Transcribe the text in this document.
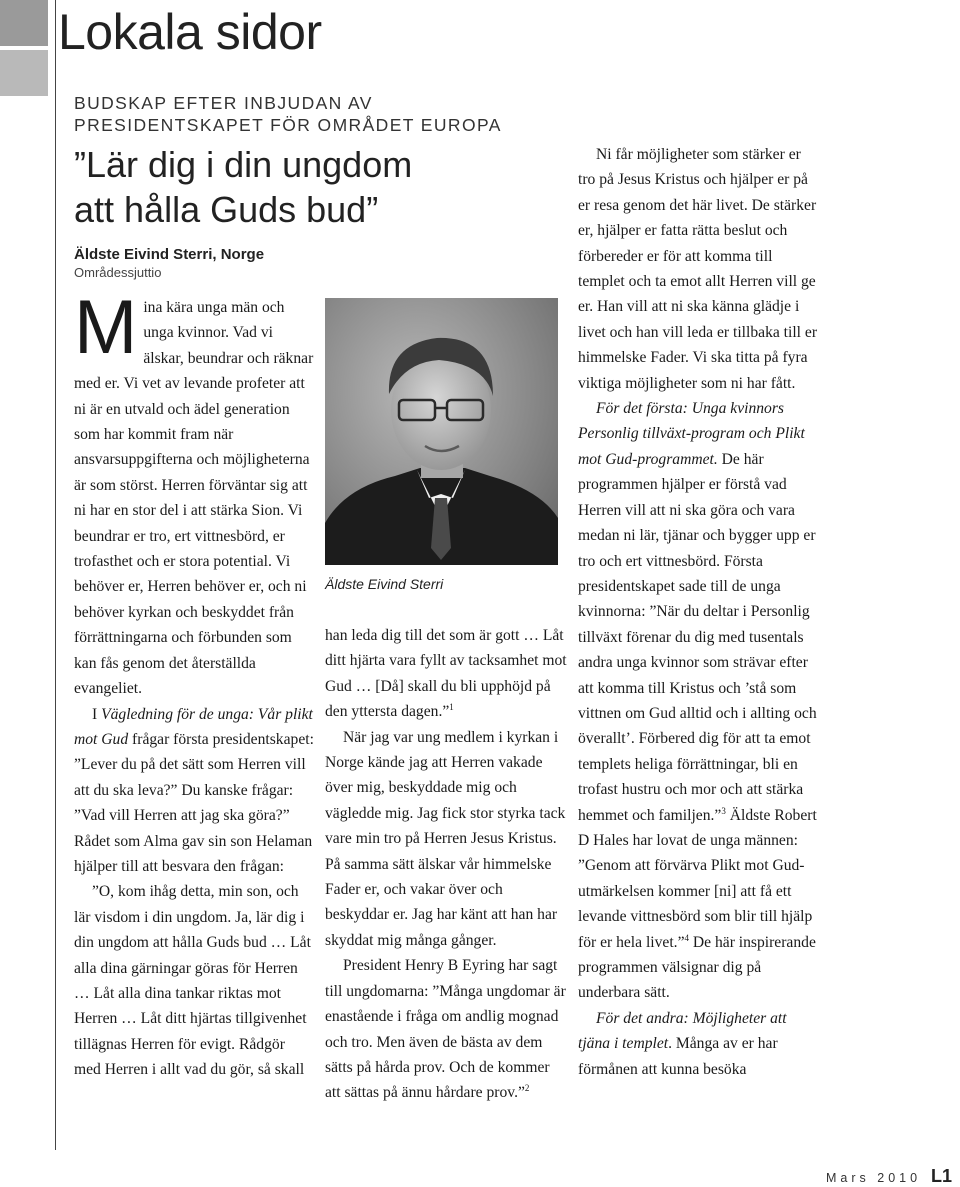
Lokala sidor
BUDSKAP EFTER INBJUDAN AV PRESIDENTSKAPET FÖR OMRÅDET EUROPA
”Lär dig i din ungdom
att hålla Guds bud”
Äldste Eivind Sterri, Norge
Områdessjuttio

Mina kära unga män och unga kvinnor. Vad vi älskar, beundrar och räknar med er. Vi vet av levande profeter att ni är en utvald och ädel generation som har kommit fram när ansvarsuppgifterna och möjligheterna är som störst. Herren förväntar sig att ni har en stor del i att stärka Sion. Vi beundrar er tro, ert vittnesbörd, er trofasthet och er stora potential. Vi behöver er, Herren behöver er, och ni behöver kyrkan och beskyddet från förrättningarna och förbunden som kan fås genom det återställda evangeliet.

I Vägledning för de unga: Vår plikt mot Gud frågar första presidentskapet: ”Lever du på det sätt som Herren vill att du ska leva?” Du kanske frågar: ”Vad vill Herren att jag ska göra?” Rådet som Alma gav sin son Helaman hjälper till att besvara den frågan:

”O, kom ihåg detta, min son, och lär visdom i din ungdom. Ja, lär dig i din ungdom att hålla Guds bud … Låt alla dina gärningar göras för Herren … Låt alla dina tankar riktas mot Herren … Låt ditt hjärtas tillgivenhet tillägnas Herren för evigt. Rådgör med Herren i allt vad du gör, så skall

Äldste Eivind Sterri

han leda dig till det som är gott … Låt ditt hjärta vara fyllt av tacksamhet mot Gud … [Då] skall du bli upphöjd på den yttersta dagen.”$^1$

När jag var ung medlem i kyrkan i Norge kände jag att Herren vakade över mig, beskyddade mig och vägledde mig. Jag fick stor styrka tack vare min tro på Herren Jesus Kristus. På samma sätt älskar vår himmelske Fader er, och vakar över och beskyddar er. Jag har känt att han har skyddat mig många gånger.

President Henry B Eyring har sagt till ungdomarna: ”Många ungdomar är enastående i fråga om andlig mognad och tro. Men även de bästa av dem sätts på hårda prov. Och de kommer att sättas på ännu hårdare prov.”$^2$

Ni får möjligheter som stärker er tro på Jesus Kristus och hjälper er på er resa genom det här livet. De stärker er, hjälper er fatta rätta beslut och förbereder er för att komma till templet och ta emot allt Herren vill ge er. Han vill att ni ska känna glädje i livet och han vill leda er tillbaka till er himmelske Fader. Vi ska titta på fyra viktiga möjligheter som ni har fått.

För det första: Unga kvinnors Personlig tillväxt-program och Plikt mot Gud-programmet. De här programmen hjälper er förstå vad Herren vill att ni ska göra och vara medan ni lär, tjänar och bygger upp er tro och ert vittnesbörd. Första presidentskapet sade till de unga kvinnorna: ”När du deltar i Personlig tillväxt förenar du dig med tusentals andra unga kvinnor som strävar efter att komma till Kristus och ’stå som vittnen om Gud alltid och i allting och överallt’. Förbered dig för att ta emot templets heliga förrättningar, bli en trofast hustru och mor och att stärka hemmet och familjen.”$^3$ Äldste Robert D Hales har lovat de unga männen: ”Genom att förvärva Plikt mot Gud-utmärkelsen kommer [ni] att få ett levande vittnesbörd som blir till hjälp för er hela livet.”$^4$ De här inspirerande programmen välsignar dig på underbara sätt.

För det andra: Möjligheter att tjäna i templet. Många av er har förmånen att kunna besöka

Mars 2010 L1
